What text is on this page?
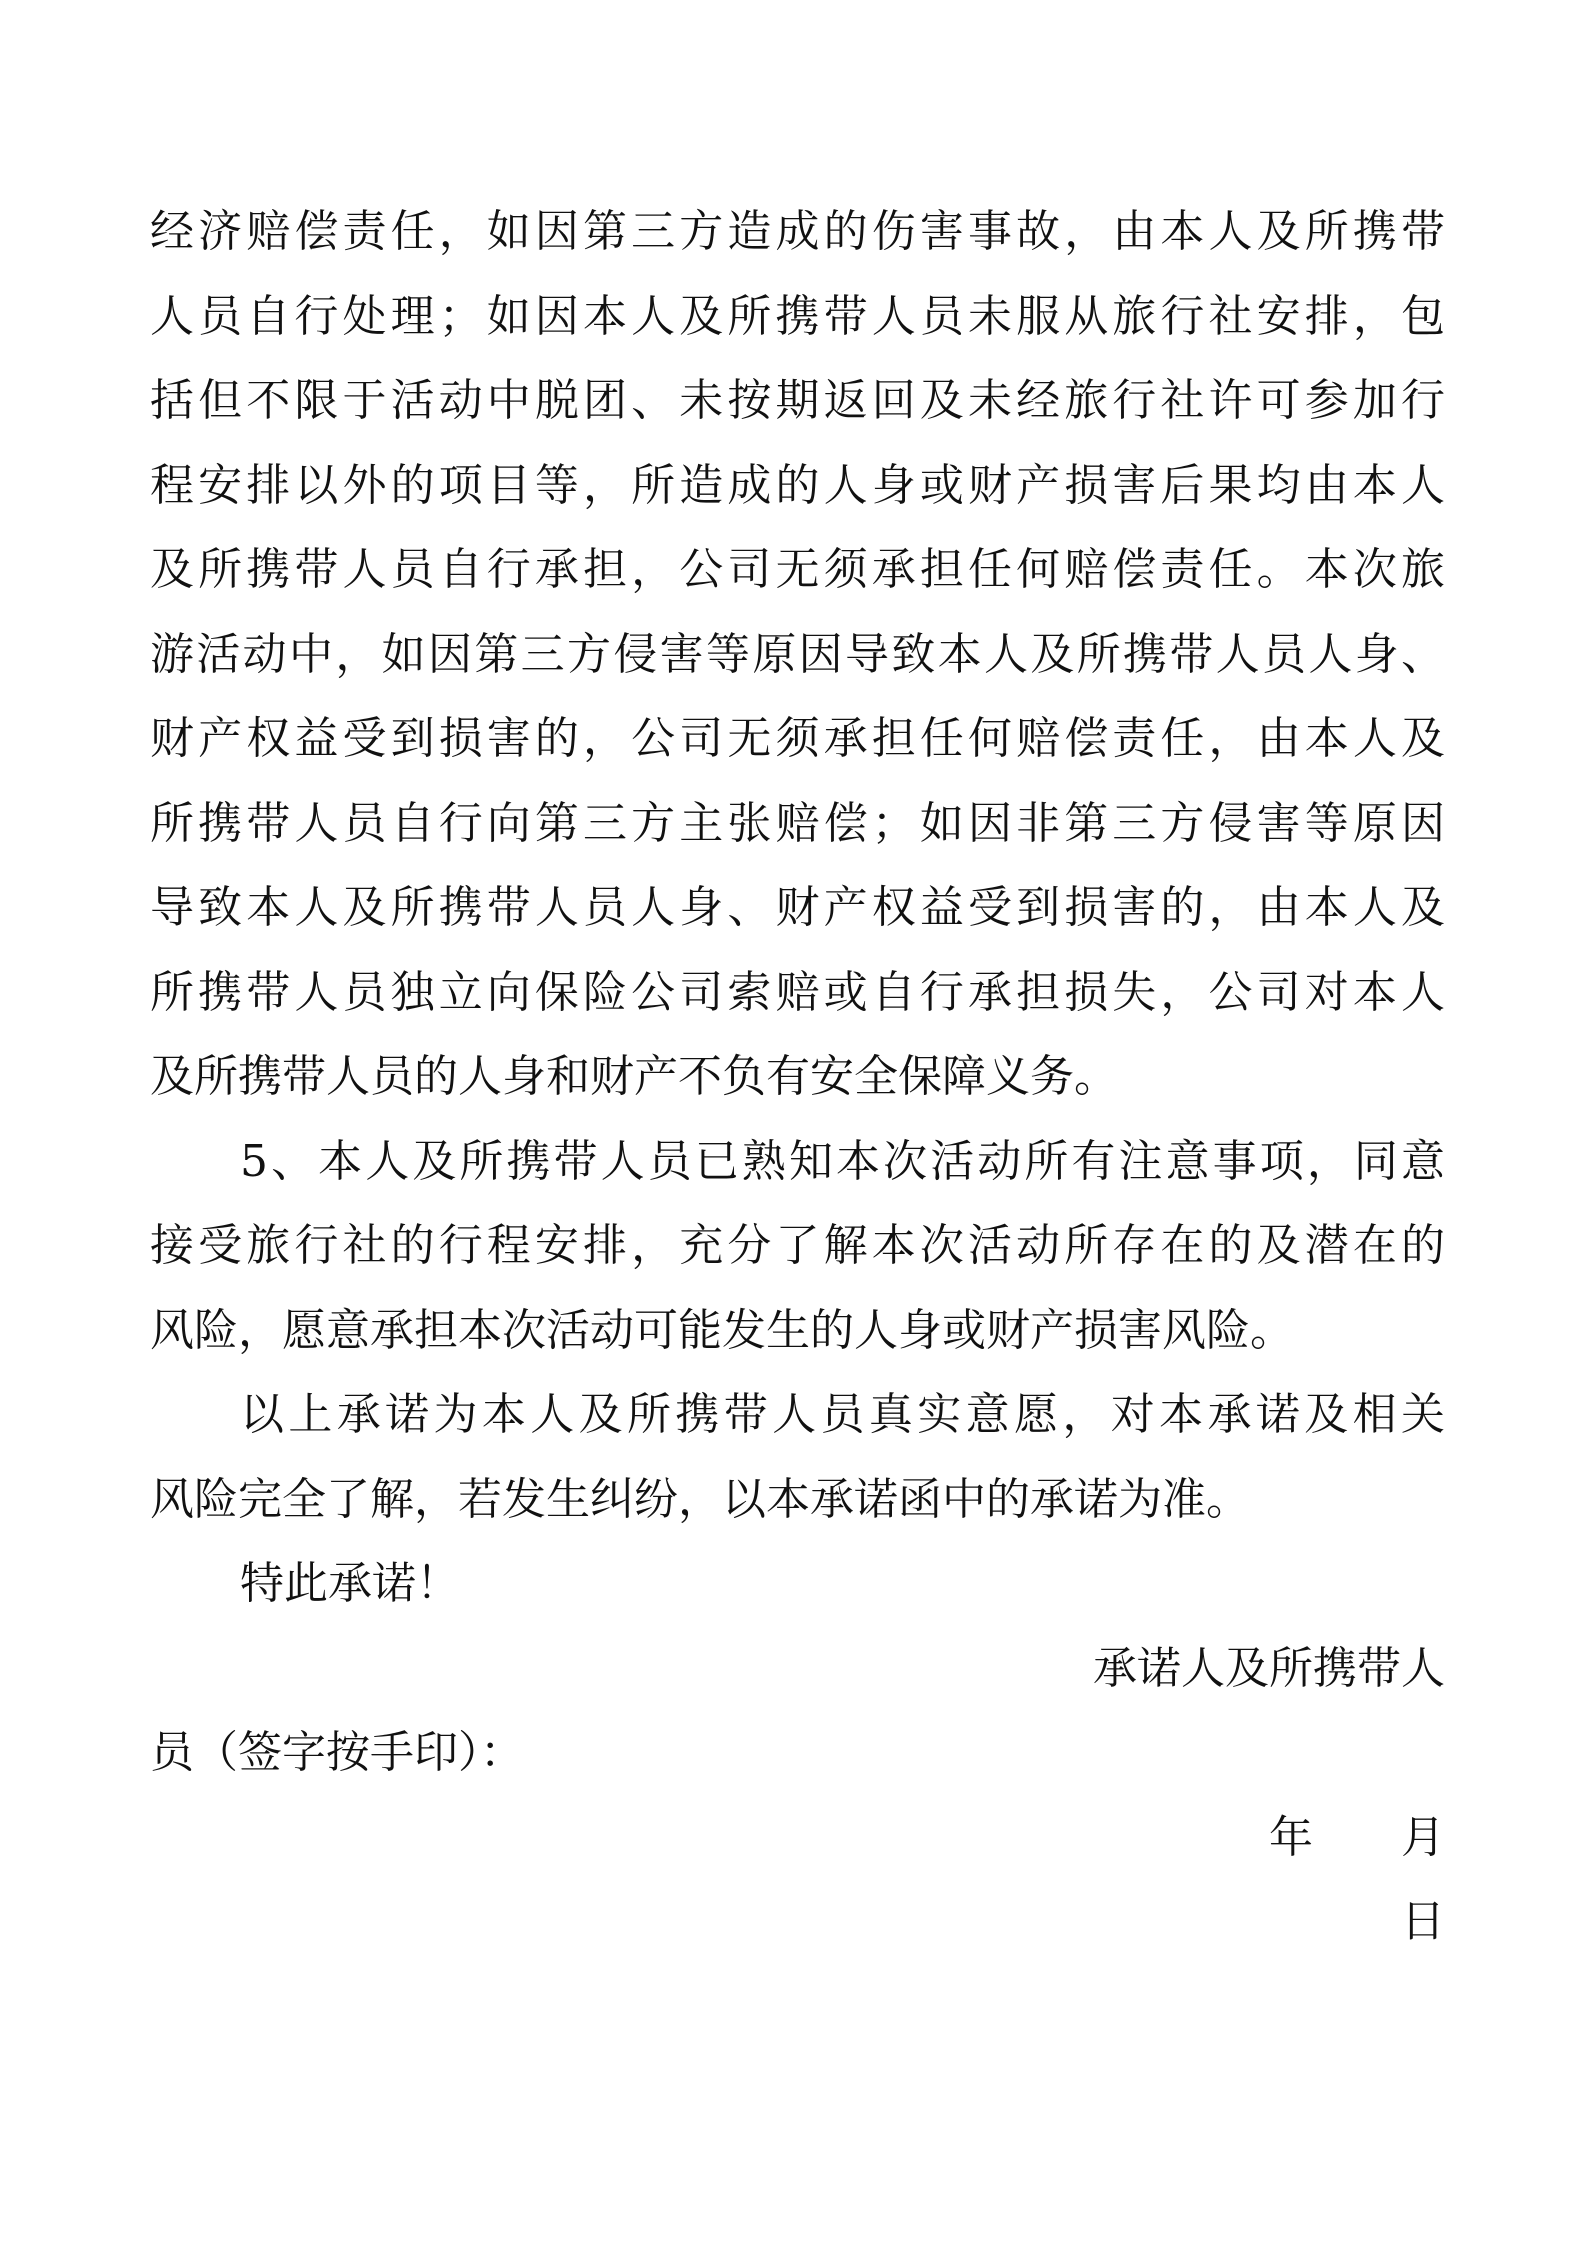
经济赔偿责任，如因第三方造成的伤害事故，由本人及所携带
人员自行处理；如因本人及所携带人员未服从旅行社安排，包
括但不限于活动中脱团、未按期返回及未经旅行社许可参加行
程安排以外的项目等，所造成的人身或财产损害后果均由本人
及所携带人员自行承担，公司无须承担任何赔偿责任。本次旅
游活动中，如因第三方侵害等原因导致本人及所携带人员人身、
财产权益受到损害的，公司无须承担任何赔偿责任，由本人及
所携带人员自行向第三方主张赔偿；如因非第三方侵害等原因
导致本人及所携带人员人身、财产权益受到损害的，由本人及
所携带人员独立向保险公司索赔或自行承担损失，公司对本人
及所携带人员的人身和财产不负有安全保障义务。
5、本人及所携带人员已熟知本次活动所有注意事项，同意
接受旅行社的行程安排，充分了解本次活动所存在的及潜在的
风险，愿意承担本次活动可能发生的人身或财产损害风险。
以上承诺为本人及所携带人员真实意愿，对本承诺及相关
风险完全了解，若发生纠纷，以本承诺函中的承诺为准。
特此承诺！
承诺人及所携带人
员（签字按手印）：
年　　月
日
